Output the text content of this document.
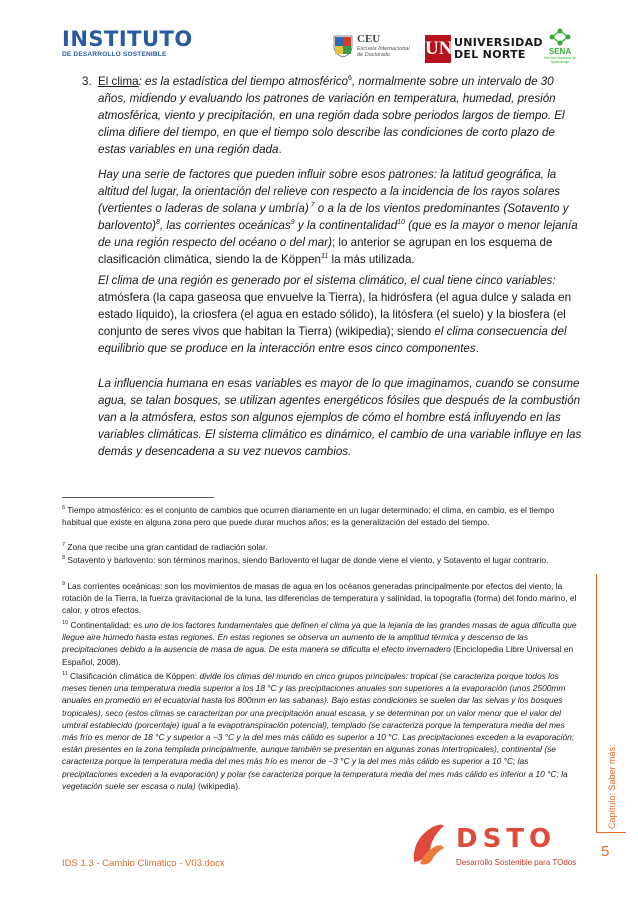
INSTITUTO
DE DESARROLLO SOSTENIBLE
CEU
Escuela Internacional de Doctorado	UN UNIVERSIDAD
DEL NORTE	SENA
Servicio Nacional de Aprendizaje
3. El clima: es la estadística del tiempo atmosférico$^6$, normalmente sobre un intervalo de 30 años, midiendo y evaluando los patrones de variación en temperatura, humedad, presión atmosférica, viento y precipitación, en una región dada sobre periodos largos de tiempo. El clima difiere del tiempo, en que el tiempo solo describe las condiciones de corto plazo de estas variables en una región dada.
Hay una serie de factores que pueden influir sobre esos patrones: la latitud geográfica, la altitud del lugar, la orientación del relieve con respecto a la incidencia de los rayos solares (vertientes o laderas de solana y umbría) $^7$ o a la de los vientos predominantes (Sotavento y barlovento)$^8$, las corrientes oceánicas$^9$ y la continentalidad$^{10}$ (que es la mayor o menor lejanía de una región respecto del océano o del mar); lo anterior se agrupan en los esquema de clasificación climática, siendo la de Köppen$^{11}$ la más utilizada.
El clima de una región es generado por el sistema climático, el cual tiene cinco variables: atmósfera (la capa gaseosa que envuelve la Tierra), la hidrósfera (el agua dulce y salada en estado líquido), la criosfera (el agua en estado sólido), la litósfera (el suelo) y la biosfera (el conjunto de seres vivos que habitan la Tierra) (wikipedia); siendo el clima consecuencia del equilibrio que se produce en la interacción entre esos cinco componentes.
La influencia humana en esas variables es mayor de lo que imaginamos, cuando se consume agua, se talan bosques, se utilizan agentes energéticos fósiles que después de la combustión van a la atmósfera, estos son algunos ejemplos de cómo el hombre está influyendo en las variables climáticas. El sistema climático es dinámico, el cambio de una variable influye en las demás y desencadena a su vez nuevos cambios.
$^6$ Tiempo atmosférico: es el conjunto de cambios que ocurren diariamente en un lugar determinado; el clima, en cambio, es el tiempo habitual que existe en alguna zona pero que puede durar muchos años; es la generalización del estado del tiempo.
$^7$ Zona que recibe una gran cantidad de radiación solar.
$^8$ Sotavento y barlovento: son términos marinos, siendo Barlovento el lugar de donde viene el viento, y Sotavento el lugar contrario.
$^9$ Las corrientes oceánicas: son los movimientos de masas de agua en los océanos generadas principalmente por efectos del viento, la rotación de la Tierra, la fuerza gravitacional de la luna, las diferencias de temperatura y salinidad, la topografía (forma) del fondo marino, el calor, y otros efectos.
$^{10}$ Continentalidad: es uno de los factores fundamentales que definen el clima ya que la lejanía de las grandes masas de agua dificulta que llegue aire húmedo hasta estas regiones. En estas regiones se observa un aumento de la amplitud térmica y descenso de las precipitaciones debido a la ausencia de masa de agua. De esta manera se dificulta el efecto invernadero (Enciclopedia Libre Universal en Español, 2008).
$^{11}$ Clasificación climática de Köppen: divide los climas del mundo en cinco grupos principales: tropical (se caracteriza porque todos los meses tienen una temperatura media superior a los 18 °C y las precipitaciones anuales son superiores a la evaporación (unos 2500mm anuales en promedio en el ecuatorial hasta los 800mm en las sabanas). Bajo estas condiciones se suelen dar las selvas y los bosques tropicales), seco (estos climas se caracterizan por una precipitación anual escasa, y se determinan por un valor menor que el valor del umbral establecido (porcentaje) igual a la evapotranspiración potencial), templado (se caracteriza porque la temperatura media del mes más frío es menor de 18 °C y superior a −3 °C y la del mes más cálido es superior a 10 °C. Las precipitaciones exceden a la evaporación; están presentes en la zona templada principalmente, aunque también se presentan en algunas zonas intertropicales), continental (se caracteriza porque la temperatura media del mes más frío es menor de −3 °C y la del mes más cálido es superior a 10 °C; las precipitaciones exceden a la evaporación) y polar (se caracteriza porque la temperatura media del mes más cálido es inferior a 10 °C; la vegetación suele ser escasa o nula) (wikipedia).	Capítulo: Saber más:
5
IDS 1.3 - Cambio Climático - V03.docx
DSTO
Desarrollo Sostenible para TOdos
